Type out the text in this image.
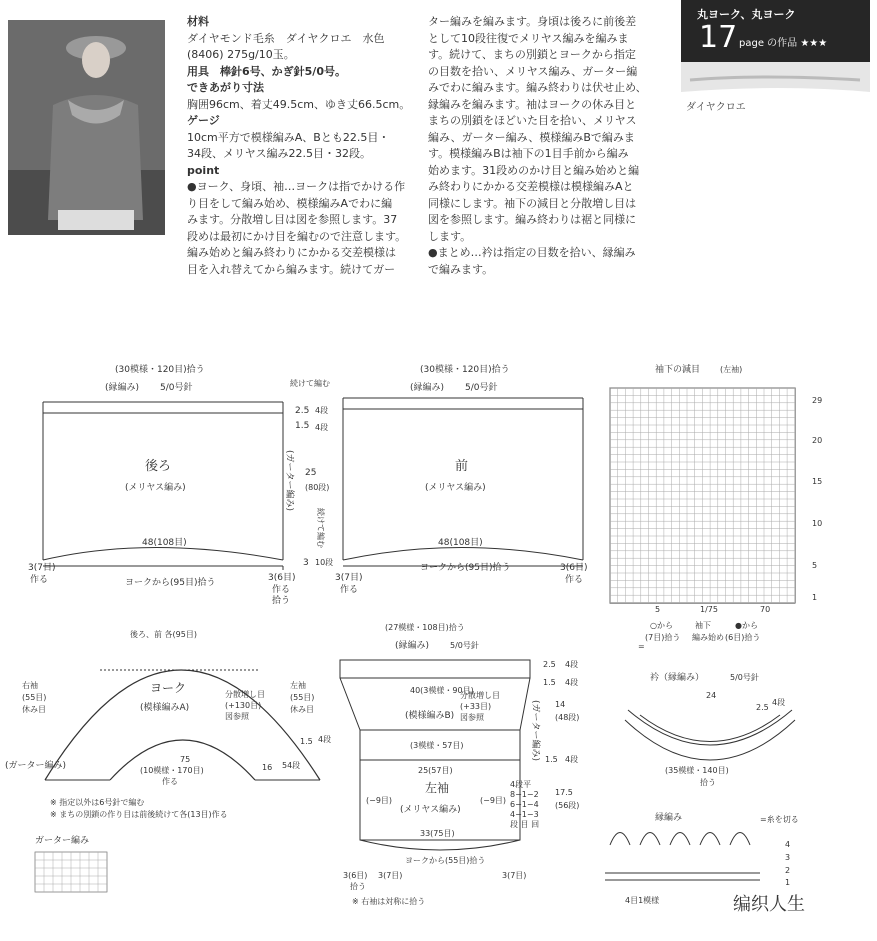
材料
ダイヤモンド毛糸　ダイヤクロエ　水色
(8406) 275g/10玉。
用具　棒針6号、かぎ針5/0号。
できあがり寸法
胸囲96cm、着丈49.5cm、ゆき丈66.5cm。
ゲージ
10cm平方で模様編みA、Bとも22.5目・
34段、メリヤス編み22.5目・32段。
point
●ヨーク、身頃、袖…ヨークは指でかける作
り目をして編み始め、模様編みAでわに編
みます。分散増し目は図を参照します。37
段めは最初にかけ目を編むので注意します。
編み始めと編み終わりにかかる交差模様は
目を入れ替えてから編みます。続けてガー
ター編みを編みます。身頃は後ろに前後差
として10段往復でメリヤス編みを編みま
す。続けて、まちの別鎖とヨークから指定
の目数を拾い、メリヤス編み、ガーター編
みでわに編みます。編み終わりは伏せ止め、
縁編みを編みます。袖はヨークの休み目と
まちの別鎖をほどいた目を拾い、メリヤス
編み、ガーター編み、模様編みBで編みま
す。模様編みBは袖下の1目手前から編み
始めます。31段めのかけ目と編み始めと編
み終わりにかかる交差模様は模様編みAと
同様にします。袖下の減目と分散増し目は
図を参照します。編み終わりは裾と同様に
します。
●まとめ…衿は指定の目数を拾い、縁編み
で編みます。
丸ヨーク、丸ヨーク
17 page の作品 ★★★
ダイヤクロエ
(30模様・120目)拾う	(30模様・120目)拾う
(縁編み) 5/0号針	(縁編み) 5/0号針
後ろ
(メリヤス編み)
前
(メリヤス編み)
48(108目)	48(108目)
ヨークから(95目)拾う
ヨークから(95目)拾う
3(7目)
作る	3(6目)
作る
3(7目)
作る
3(6目)
作る
続けて編む
2.5
1.5
4段
4段
(ガーター編み) 25
(80段)
続けて編む
3 10段
拾う
袖下の減目 (左袖)
29
20
15
10
5
1
5	1/75	70
○から
(7目)拾う
袖下
編み始め
●から
(6目)拾う
=
衿（縁編み）	5/0号針
24
2.5
4段
(35模様・140目)
拾う
後ろ、前 各(95目)
右袖
(55目)
休み目
左袖
(55目)
休み目
ヨーク
(模様編みA)
分散増し目
(+130目)
図参照
75
(10模様・170目)
作る
(ガーター編み)
1.5
16 54段
4段
※ 指定以外は6号針で編む
※ まちの別鎖の作り目は前後続けて各(13目)作る
(27模様・108目)拾う
(縁編み)	5/0号針
40(3模様・90目)
(模様編みB)
分散増し目
(+33目)
図参照
(3模様・57目)
25(57目)
左袖
(メリヤス編み)
(−9目)	(−9目)
33(75目)
ヨークから(55目)拾う
3(6目) 3(7目)	3(7目)
拾う
※ 右袖は対称に拾う
2.5 4段
1.5 4段
14
(48段)
(ガーター編み) 1.5 4段
17.5
(56段)
4段平
8−1−2
6−1−4
4−1−3
段 目 回
ガーター編み
縁編み	=糸を切る
4
3
2
1
4目1模様	编织人生
